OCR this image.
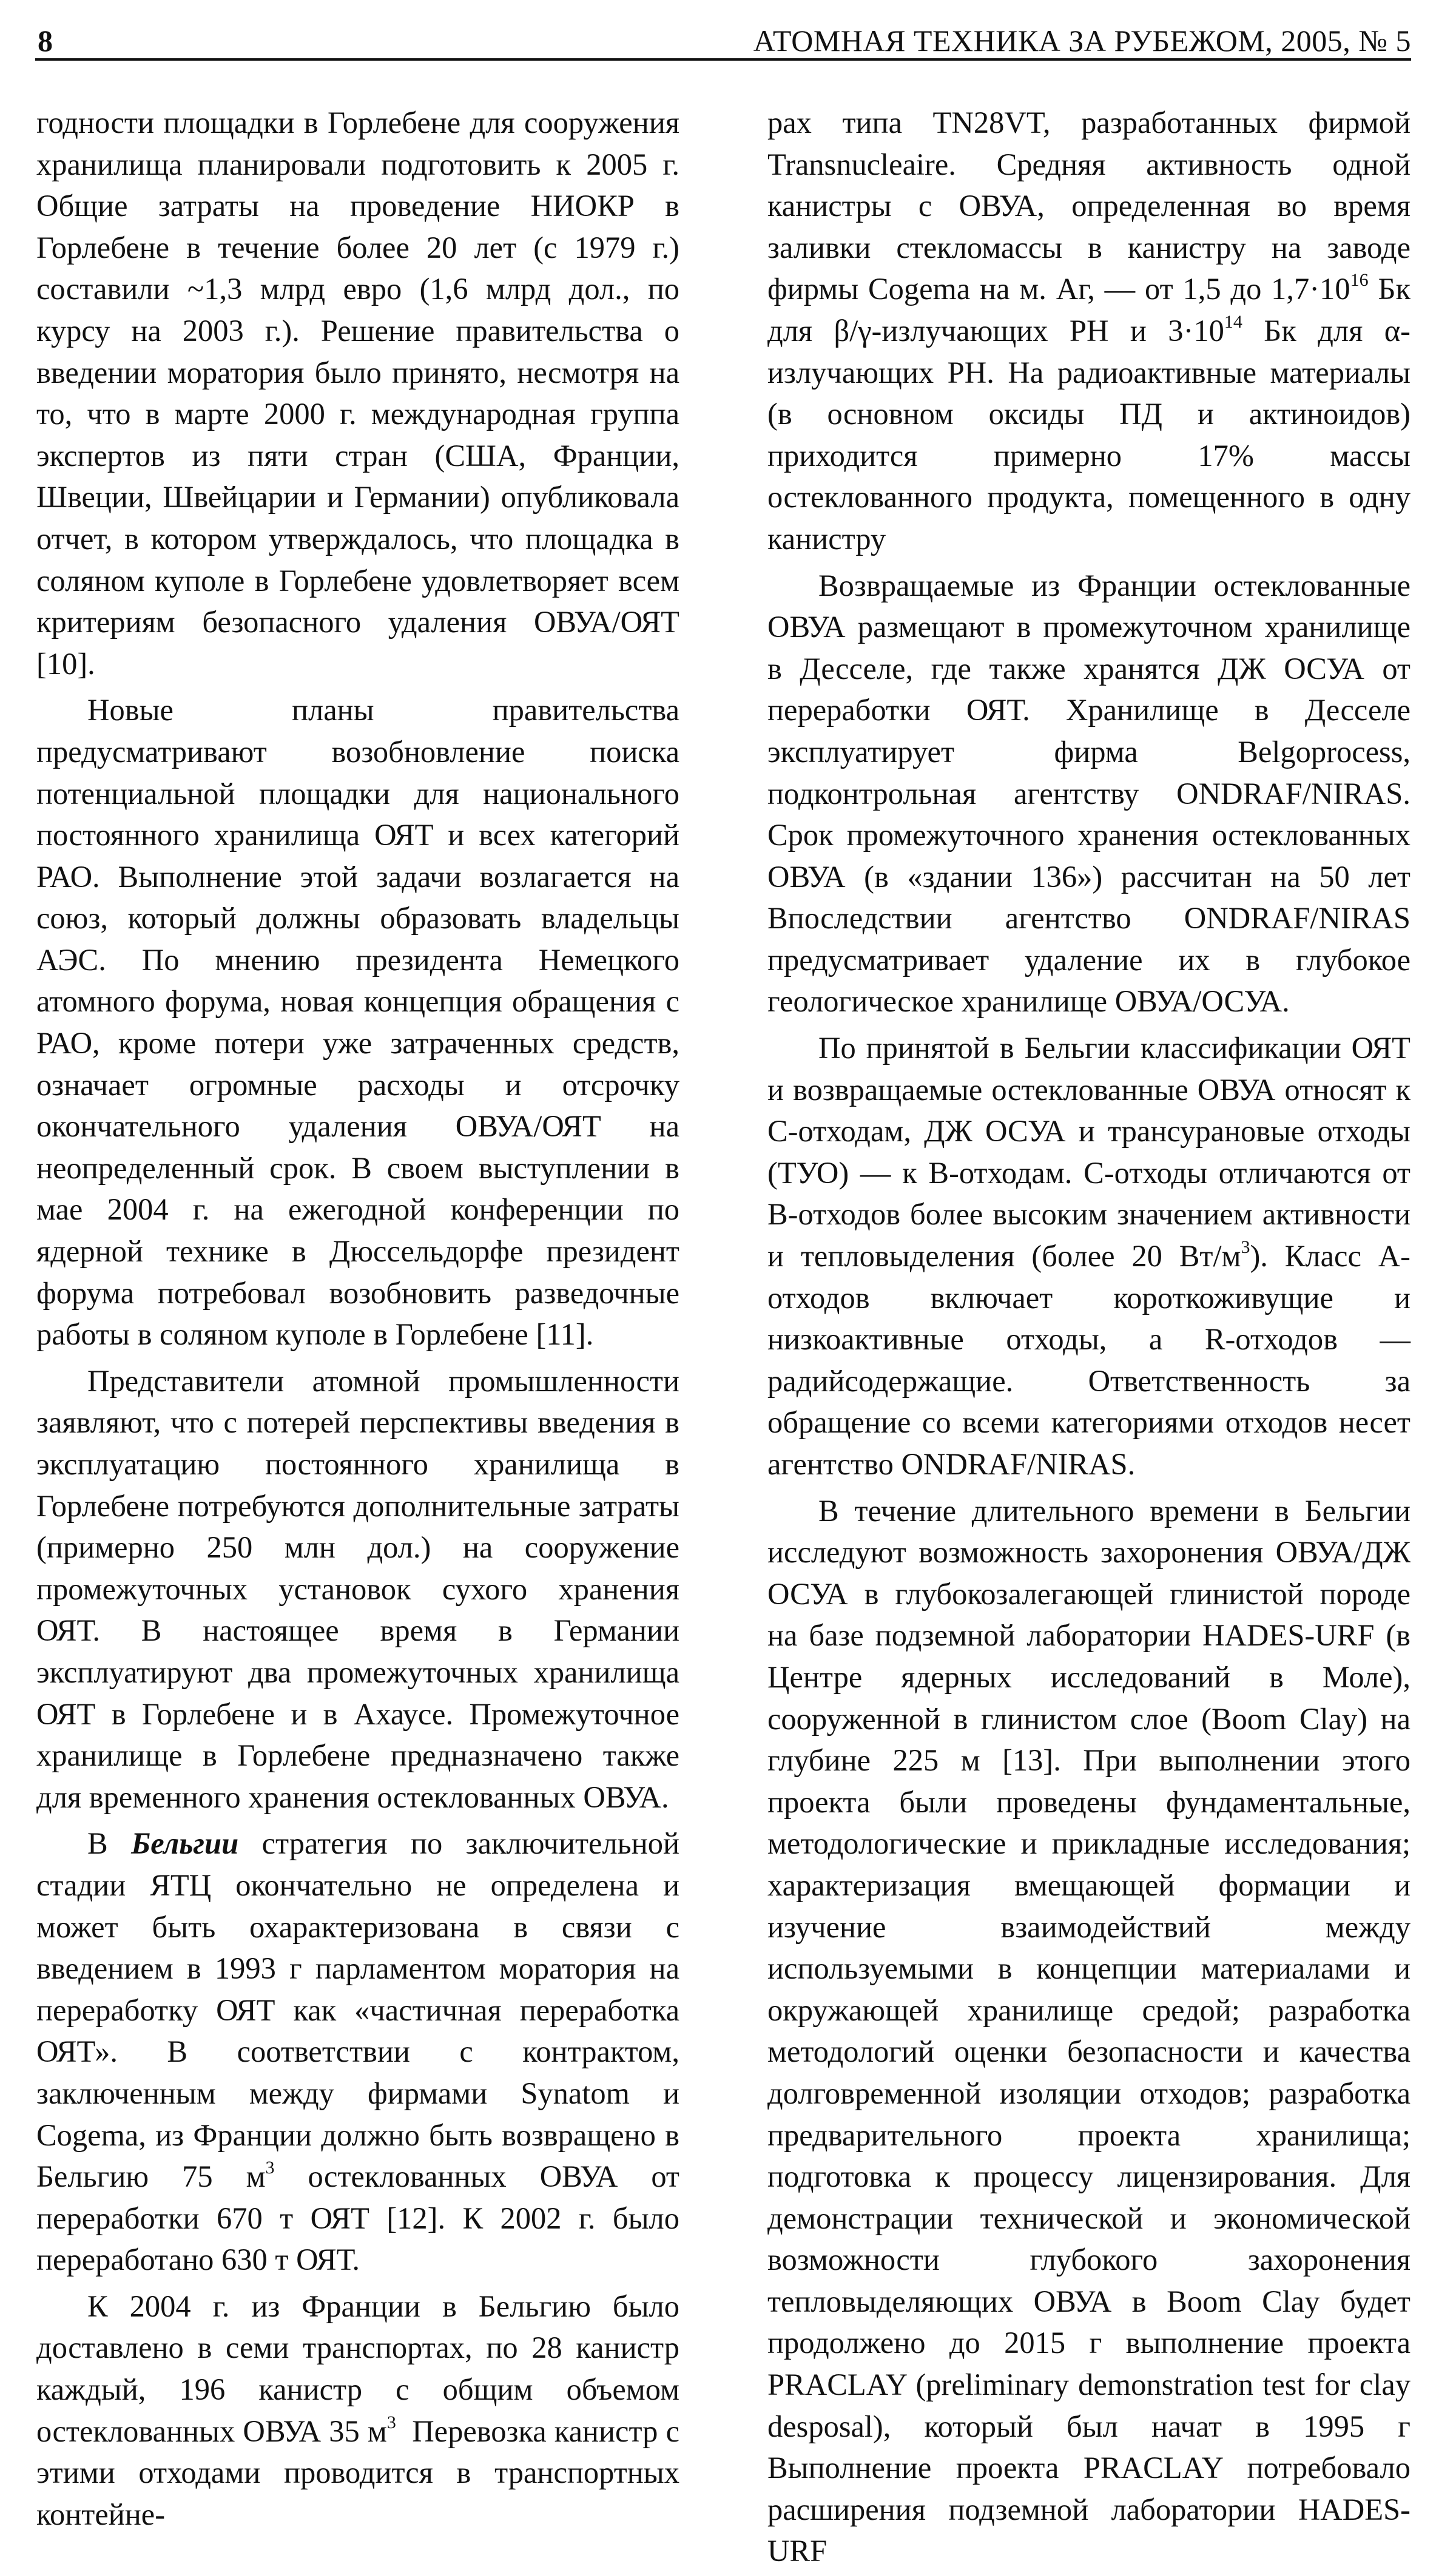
8	АТОМНАЯ ТЕХНИКА ЗА РУБЕЖОМ, 2005, № 5

годности площадки в Горлебене для сооружения хранилища планировали подготовить к 2005 г. Общие затраты на проведение НИОКР в Горлебене в течение более 20 лет (с 1979 г.) составили ~1,3 млрд евро (1,6 млрд дол., по курсу на 2003 г.). Решение правительства о введении моратория было принято, несмотря на то, что в марте 2000 г. международная группа экспертов из пяти стран (США, Франции, Швеции, Швейцарии и Германии) опубликовала отчет, в котором утверждалось, что площадка в соляном куполе в Горлебене удовлетворяет всем критериям безопасного удаления ОВУА/ОЯТ [10].

Новые планы правительства предусматривают возобновление поиска потенциальной площадки для национального постоянного хранилища ОЯТ и всех категорий РАО. Выполнение этой задачи возлагается на союз, который должны образовать владельцы АЭС. По мнению президента Немецкого атомного форума, новая концепция обращения с РАО, кроме потери уже затраченных средств, означает огромные расходы и отсрочку окончательного удаления ОВУА/ОЯТ на неопределенный срок. В своем выступлении в мае 2004 г. на ежегодной конференции по ядерной технике в Дюссельдорфе президент форума потребовал возобновить разведочные работы в соляном куполе в Горлебене [11].

Представители атомной промышленности заявляют, что с потерей перспективы введения в эксплуатацию постоянного хранилища в Горлебене потребуются дополнительные затраты (примерно 250 млн дол.) на сооружение промежуточных установок сухого хранения ОЯТ. В настоящее время в Германии эксплуатируют два промежуточных хранилища ОЯТ в Горлебене и в Ахаусе. Промежуточное хранилище в Горлебене предназначено также для временного хранения остеклованных ОВУА.

В Бельгии стратегия по заключительной стадии ЯТЦ окончательно не определена и может быть охарактеризована в связи с введением в 1993 г парламентом моратория на переработку ОЯТ как «частичная переработка ОЯТ». В соответствии с контрактом, заключенным между фирмами Synatom и Cogema, из Франции должно быть возвращено в Бельгию 75 $м^3$ остеклованных ОВУА от переработки 670 т ОЯТ [12]. К 2002 г. было переработано 630 т ОЯТ.

К 2004 г. из Франции в Бельгию было доставлено в семи транспортах, по 28 канистр каждый, 196 канистр с общим объемом остеклованных ОВУА 35 $м^3$ Перевозка канистр с этими отходами проводится в транспортных контейне-

рах типа TN28VT, разработанных фирмой Transnucleaire. Средняя активность одной канистры с ОВУА, определенная во время заливки стекломассы в канистру на заводе фирмы Cogema на м. Аг, — от 1,5 до $1,7\cdot 10^{16}$ Бк для β/γ-излучающих РН и $3\cdot 10^{14}$ Бк для α-излучающих РН. На радиоактивные материалы (в основном оксиды ПД и актиноидов) приходится примерно 17% массы остеклованного продукта, помещенного в одну канистру

Возвращаемые из Франции остеклованные ОВУА размещают в промежуточном хранилище в Десселе, где также хранятся ДЖ ОСУА от переработки ОЯТ. Хранилище в Десселе эксплуатирует фирма Belgoprocess, подконтрольная агентству ONDRAF/NIRAS. Срок промежуточного хранения остеклованных ОВУА (в «здании 136») рассчитан на 50 лет Впоследствии агентство ONDRAF/NIRAS предусматривает удаление их в глубокое геологическое хранилище ОВУА/ОСУА.

По принятой в Бельгии классификации ОЯТ и возвращаемые остеклованные ОВУА относят к С-отходам, ДЖ ОСУА и трансурановые отходы (ТУО) — к В-отходам. С-отходы отличаются от В-отходов более высоким значением активности и тепловыделения (более 20 $Вт/м^3$). Класс А-отходов включает короткоживущие и низкоактивные отходы, а R-отходов — радийсодержащие. Ответственность за обращение со всеми категориями отходов несет агентство ONDRAF/NIRAS.

В течение длительного времени в Бельгии исследуют возможность захоронения ОВУА/ДЖ ОСУА в глубокозалегающей глинистой породе на базе подземной лаборатории HADES-URF (в Центре ядерных исследований в Моле), сооруженной в глинистом слое (Boom Clay) на глубине 225 м [13]. При выполнении этого проекта были проведены фундаментальные, методологические и прикладные исследования; характеризация вмещающей формации и изучение взаимодействий между используемыми в концепции материалами и окружающей хранилище средой; разработка методологий оценки безопасности и качества долговременной изоляции отходов; разработка предварительного проекта хранилища; подготовка к процессу лицензирования. Для демонстрации технической и экономической возможности глубокого захоронения тепловыделяющих ОВУА в Boom Clay будет продолжено до 2015 г выполнение проекта PRACLAY (preliminary demonstration test for clay desposal), который был начат в 1995 г Выполнение проекта PRACLAY потребовало расширения подземной лаборатории HADES-URF
